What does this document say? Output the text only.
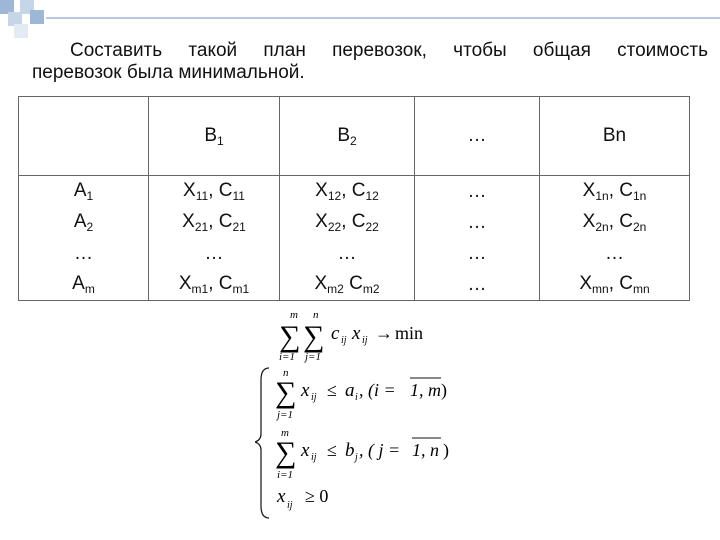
Составить такой план перевозок, чтобы общая стоимость
перевозок была минимальной.
	$B_1$	$B_2$	…	Bn
$A_1$	$X_{11}$, $C_{11}$	$X_{12}$, $C_{12}$	…	$X_{1n}$, $C_{1n}$
$A_2$	$X_{21}$, $C_{21}$	$X_{22}$, $C_{22}$	…	$X_{2n}$, $C_{2n}$
…	…	…	…	…
$A_m$	$X_{m1}$, $C_{m1}$	$X_{m2}$ $C_{m2}$	…	$X_{mn}$, $C_{mn}$
m n
∑ ∑
i=1 j=1
c ij x ij → min
n
∑
j=1
x ij ≤ a i , (i = 1, m )
m
∑
i=1
x ij ≤ b j , ( j = 1, n )
x ij ≥ 0
